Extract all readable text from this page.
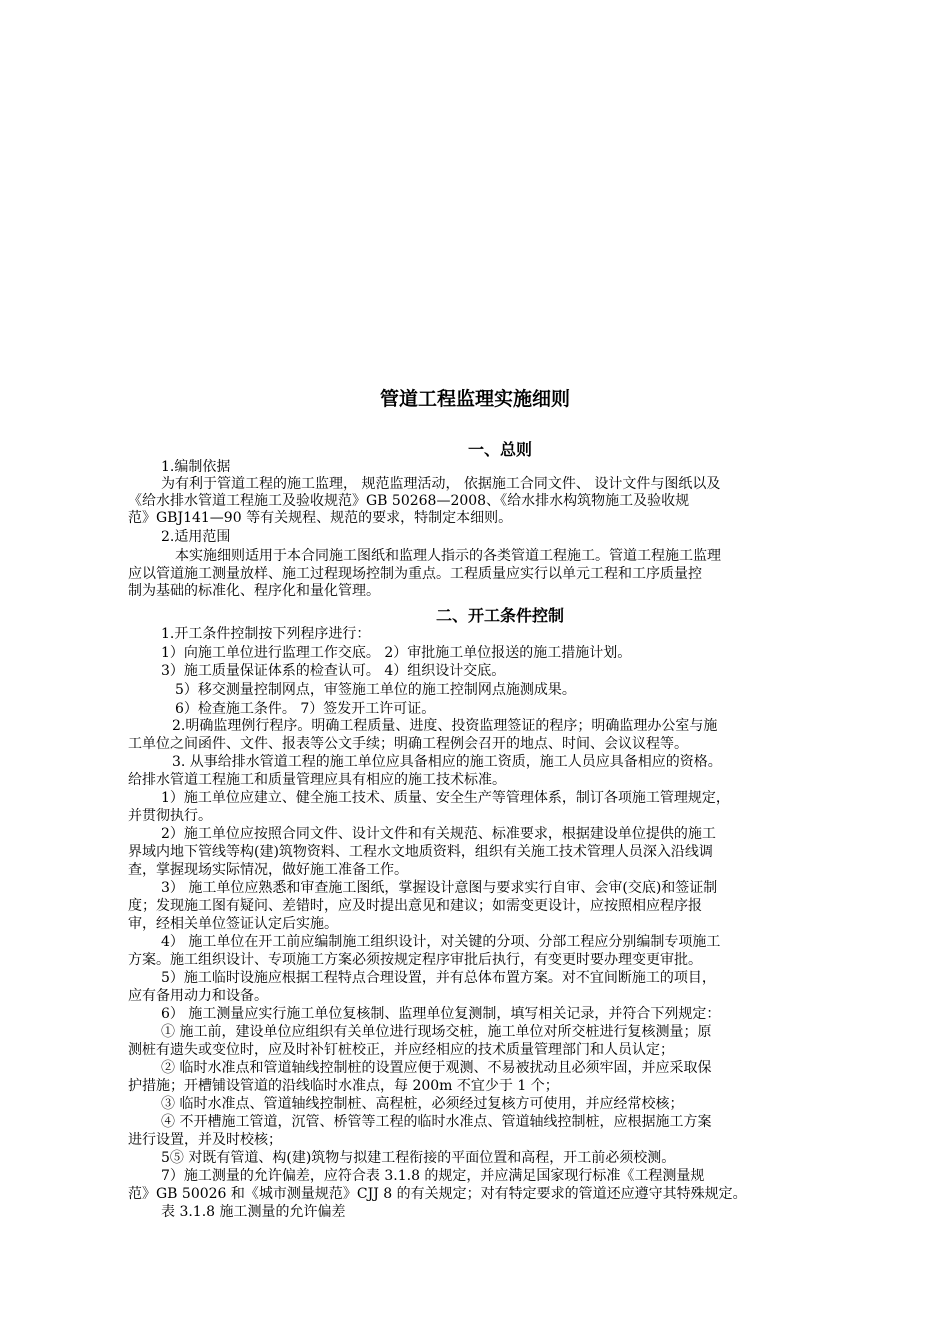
管道工程监理实施细则
一、总则
1.编制依据
为有利于管道工程的施工监理， 规范监理活动， 依据施工合同文件、 设计文件与图纸以及
《给水排水管道工程施工及验收规范》GB 50268—2008、《给水排水构筑物施工及验收规
范》GBJ141—90 等有关规程、规范的要求，特制定本细则。
2.适用范围
本实施细则适用于本合同施工图纸和监理人指示的各类管道工程施工。管道工程施工监理
应以管道施工测量放样、施工过程现场控制为重点。工程质量应实行以单元工程和工序质量控
制为基础的标准化、程序化和量化管理。
二、开工条件控制
1.开工条件控制按下列程序进行：
1）向施工单位进行监理工作交底。 2）审批施工单位报送的施工措施计划。
3）施工质量保证体系的检查认可。 4）组织设计交底。
5）移交测量控制网点，审签施工单位的施工控制网点施测成果。
6）检查施工条件。 7）签发开工许可证。
2.明确监理例行程序。明确工程质量、进度、投资监理签证的程序；明确监理办公室与施
工单位之间函件、文件、报表等公文手续；明确工程例会召开的地点、时间、会议议程等。
3. 从事给排水管道工程的施工单位应具备相应的施工资质，施工人员应具备相应的资格。
给排水管道工程施工和质量管理应具有相应的施工技术标准。
1）施工单位应建立、健全施工技术、质量、安全生产等管理体系，制订各项施工管理规定，
并贯彻执行。
2）施工单位应按照合同文件、设计文件和有关规范、标准要求，根据建设单位提供的施工
界域内地下管线等构(建)筑物资料、工程水文地质资料，组织有关施工技术管理人员深入沿线调
查，掌握现场实际情况，做好施工准备工作。
3） 施工单位应熟悉和审查施工图纸，掌握设计意图与要求实行自审、会审(交底)和签证制
度；发现施工图有疑问、差错时，应及时提出意见和建议；如需变更设计，应按照相应程序报
审，经相关单位签证认定后实施。
4） 施工单位在开工前应编制施工组织设计，对关键的分项、分部工程应分别编制专项施工
方案。施工组织设计、专项施工方案必须按规定程序审批后执行，有变更时要办理变更审批。
5）施工临时设施应根据工程特点合理设置，并有总体布置方案。对不宜间断施工的项目，
应有备用动力和设备。
6） 施工测量应实行施工单位复核制、监理单位复测制，填写相关记录，并符合下列规定：
① 施工前，建设单位应组织有关单位进行现场交桩，施工单位对所交桩进行复核测量；原
测桩有遗失或变位时，应及时补钉桩校正，并应经相应的技术质量管理部门和人员认定；
② 临时水准点和管道轴线控制桩的设置应便于观测、不易被扰动且必须牢固，并应采取保
护措施；开槽铺设管道的沿线临时水准点，每 200m 不宜少于 1 个；
③ 临时水准点、管道轴线控制桩、高程桩，必须经过复核方可使用，并应经常校核；
④ 不开槽施工管道，沉管、桥管等工程的临时水准点、管道轴线控制桩，应根据施工方案
进行设置，并及时校核；
5⑤ 对既有管道、构(建)筑物与拟建工程衔接的平面位置和高程，开工前必须校测。
7）施工测量的允许偏差，应符合表 3.1.8 的规定，并应满足国家现行标准《工程测量规
范》GB 50026 和《城市测量规范》CJJ 8 的有关规定；对有特定要求的管道还应遵守其特殊规定。
表 3.1.8 施工测量的允许偏差
